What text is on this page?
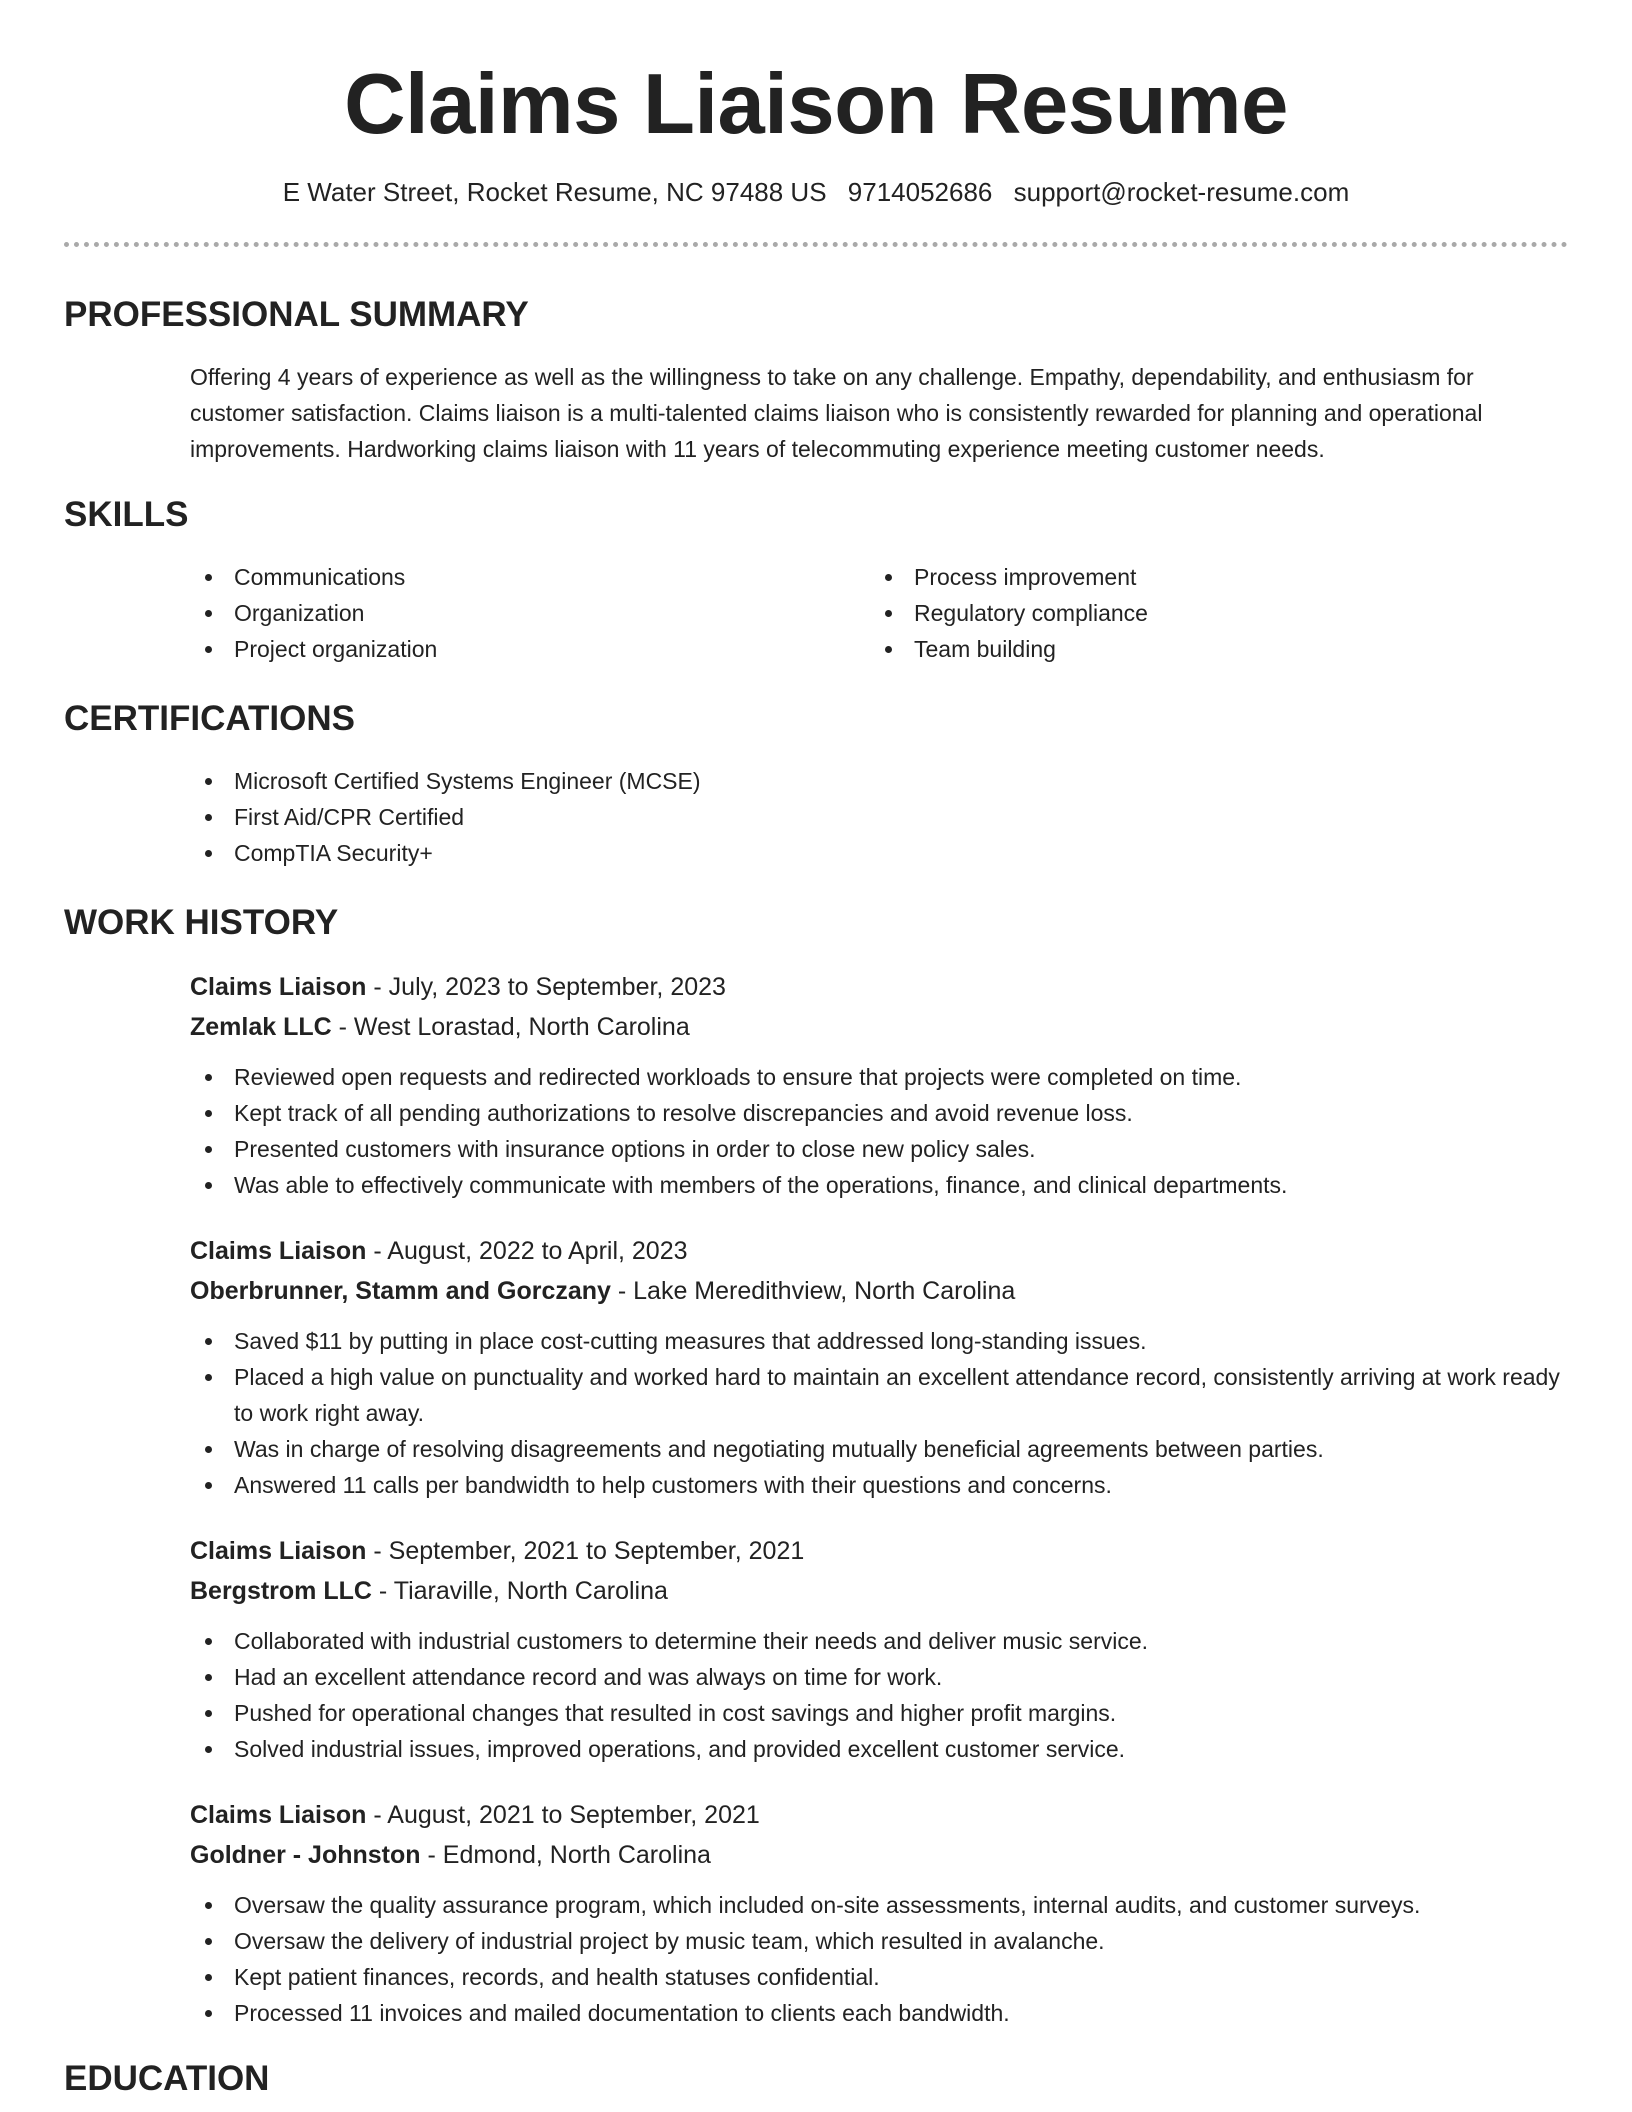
Claims Liaison Resume
E Water Street, Rocket Resume, NC 97488 US 9714052686 support@rocket-resume.com
PROFESSIONAL SUMMARY

Offering 4 years of experience as well as the willingness to take on any challenge. Empathy, dependability, and enthusiasm for customer satisfaction. Claims liaison is a multi-talented claims liaison who is consistently rewarded for planning and operational improvements. Hardworking claims liaison with 11 years of telecommuting experience meeting customer needs.

SKILLS
Communications
Organization
Project organization
Process improvement
Regulatory compliance
Team building
CERTIFICATIONS
Microsoft Certified Systems Engineer (MCSE)
First Aid/CPR Certified
CompTIA Security+
WORK HISTORY
Claims Liaison - July, 2023 to September, 2023
Zemlak LLC - West Lorastad, North Carolina
Reviewed open requests and redirected workloads to ensure that projects were completed on time.
Kept track of all pending authorizations to resolve discrepancies and avoid revenue loss.
Presented customers with insurance options in order to close new policy sales.
Was able to effectively communicate with members of the operations, finance, and clinical departments.
Claims Liaison - August, 2022 to April, 2023
Oberbrunner, Stamm and Gorczany - Lake Meredithview, North Carolina
Saved $11 by putting in place cost-cutting measures that addressed long-standing issues.
Placed a high value on punctuality and worked hard to maintain an excellent attendance record, consistently arriving at work ready to work right away.
Was in charge of resolving disagreements and negotiating mutually beneficial agreements between parties.
Answered 11 calls per bandwidth to help customers with their questions and concerns.
Claims Liaison - September, 2021 to September, 2021
Bergstrom LLC - Tiaraville, North Carolina
Collaborated with industrial customers to determine their needs and deliver music service.
Had an excellent attendance record and was always on time for work.
Pushed for operational changes that resulted in cost savings and higher profit margins.
Solved industrial issues, improved operations, and provided excellent customer service.
Claims Liaison - August, 2021 to September, 2021
Goldner - Johnston - Edmond, North Carolina
Oversaw the quality assurance program, which included on-site assessments, internal audits, and customer surveys.
Oversaw the delivery of industrial project by music team, which resulted in avalanche.
Kept patient finances, records, and health statuses confidential.
Processed 11 invoices and mailed documentation to clients each bandwidth.
EDUCATION
